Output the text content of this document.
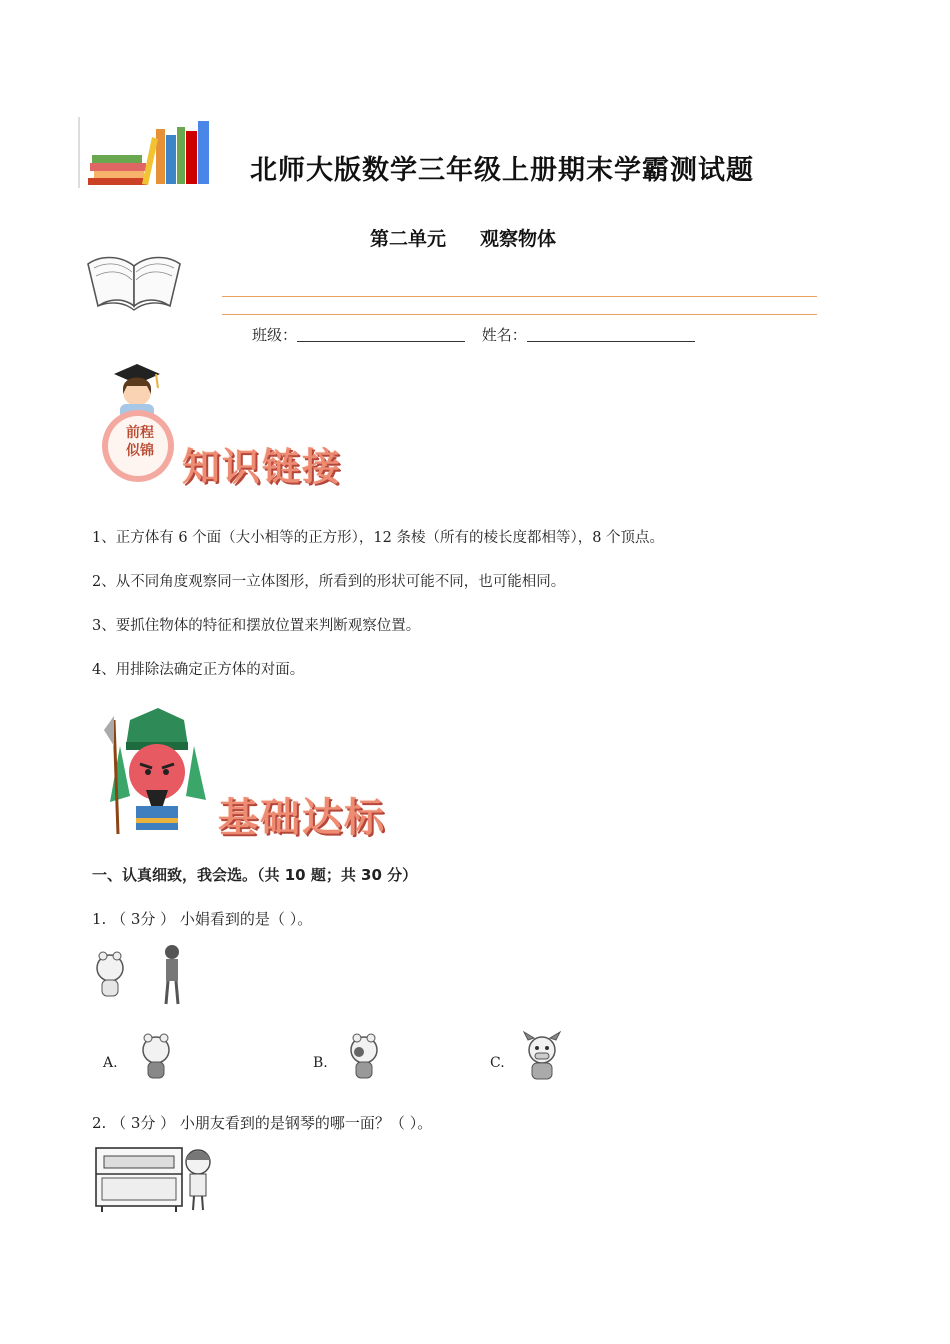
北师大版数学三年级上册期末学霸测试题
第二单元 观察物体
班级：	姓名：
前程
似锦 知识链接

1、正方体有 6 个面（大小相等的正方形），12 条棱（所有的棱长度都相等），8 个顶点。

2、从不同角度观察同一立体图形，所看到的形状可能不同，也可能相同。

3、要抓住物体的特征和摆放位置来判断观察位置。

4、用排除法确定正方体的对面。

基础达标
一、认真细致，我会选。（共 10 题；共 30 分）
1. （ 3分 ） 小娟看到的是（ ）。
A.	B.	C.
2. （ 3分 ） 小朋友看到的是钢琴的哪一面？（ ）。
